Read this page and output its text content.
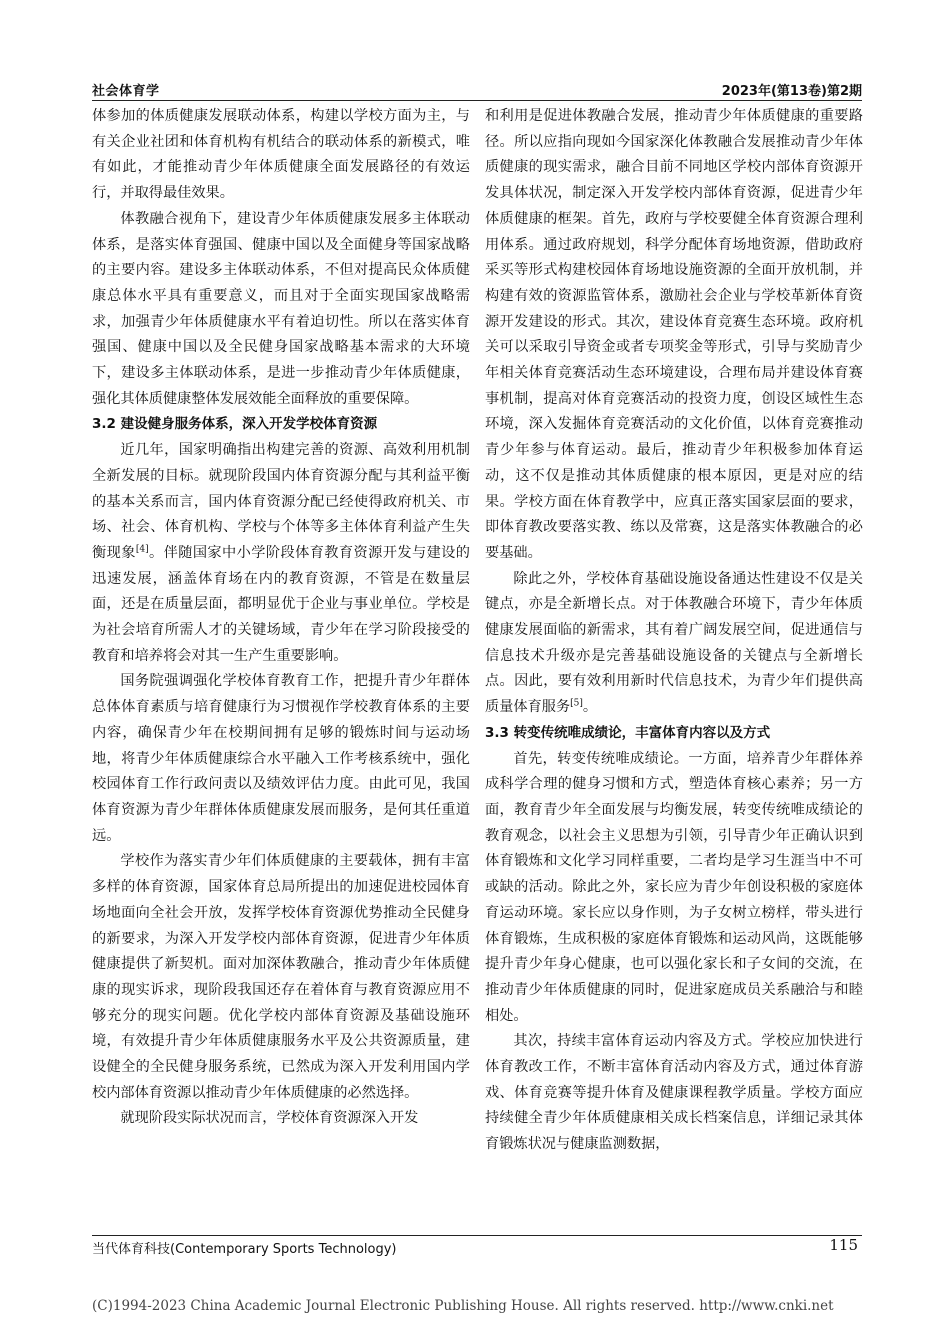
社会体育学	2023年(第13卷)第2期

体参加的体质健康发展联动体系，构建以学校方面为主，与有关企业社团和体育机构有机结合的联动体系的新模式，唯有如此，才能推动青少年体质健康全面发展路径的有效运行，并取得最佳效果。

体教融合视角下，建设青少年体质健康发展多主体联动体系，是落实体育强国、健康中国以及全面健身等国家战略的主要内容。建设多主体联动体系，不但对提高民众体质健康总体水平具有重要意义，而且对于全面实现国家战略需求，加强青少年体质健康水平有着迫切性。所以在落实体育强国、健康中国以及全民健身国家战略基本需求的大环境下，建设多主体联动体系，是进一步推动青少年体质健康，强化其体质健康整体发展效能全面释放的重要保障。

3.2 建设健身服务体系，深入开发学校体育资源

近几年，国家明确指出构建完善的资源、高效利用机制全新发展的目标。就现阶段国内体育资源分配与其利益平衡的基本关系而言，国内体育资源分配已经使得政府机关、市场、社会、体育机构、学校与个体等多主体体育利益产生失衡现象[4]。伴随国家中小学阶段体育教育资源开发与建设的迅速发展，涵盖体育场在内的教育资源，不管是在数量层面，还是在质量层面，都明显优于企业与事业单位。学校是为社会培育所需人才的关键场域，青少年在学习阶段接受的教育和培养将会对其一生产生重要影响。

国务院强调强化学校体育教育工作，把提升青少年群体总体体育素质与培育健康行为习惯视作学校教育体系的主要内容，确保青少年在校期间拥有足够的锻炼时间与运动场地，将青少年体质健康综合水平融入工作考核系统中，强化校园体育工作行政问责以及绩效评估力度。由此可见，我国体育资源为青少年群体体质健康发展而服务，是何其任重道远。

学校作为落实青少年们体质健康的主要载体，拥有丰富多样的体育资源，国家体育总局所提出的加速促进校园体育场地面向全社会开放，发挥学校体育资源优势推动全民健身的新要求，为深入开发学校内部体育资源，促进青少年体质健康提供了新契机。面对加深体教融合，推动青少年体质健康的现实诉求，现阶段我国还存在着体育与教育资源应用不够充分的现实问题。优化学校内部体育资源及基础设施环境，有效提升青少年体质健康服务水平及公共资源质量，建设健全的全民健身服务系统，已然成为深入开发利用国内学校内部体育资源以推动青少年体质健康的必然选择。

就现阶段实际状况而言，学校体育资源深入开发

和利用是促进体教融合发展，推动青少年体质健康的重要路径。所以应指向现如今国家深化体教融合发展推动青少年体质健康的现实需求，融合目前不同地区学校内部体育资源开发具体状况，制定深入开发学校内部体育资源，促进青少年体质健康的框架。首先，政府与学校要健全体育资源合理利用体系。通过政府规划，科学分配体育场地资源，借助政府采买等形式构建校园体育场地设施资源的全面开放机制，并构建有效的资源监管体系，激励社会企业与学校革新体育资源开发建设的形式。其次，建设体育竞赛生态环境。政府机关可以采取引导资金或者专项奖金等形式，引导与奖励青少年相关体育竞赛活动生态环境建设，合理布局并建设体育赛事机制，提高对体育竞赛活动的投资力度，创设区域性生态环境，深入发掘体育竞赛活动的文化价值，以体育竞赛推动青少年参与体育运动。最后，推动青少年积极参加体育运动，这不仅是推动其体质健康的根本原因，更是对应的结果。学校方面在体育教学中，应真正落实国家层面的要求，即体育教改要落实教、练以及常赛，这是落实体教融合的必要基础。

除此之外，学校体育基础设施设备通达性建设不仅是关键点，亦是全新增长点。对于体教融合环境下，青少年体质健康发展面临的新需求，其有着广阔发展空间，促进通信与信息技术升级亦是完善基础设施设备的关键点与全新增长点。因此，要有效利用新时代信息技术，为青少年们提供高质量体育服务[5]。

3.3 转变传统唯成绩论，丰富体育内容以及方式

首先，转变传统唯成绩论。一方面，培养青少年群体养成科学合理的健身习惯和方式，塑造体育核心素养；另一方面，教育青少年全面发展与均衡发展，转变传统唯成绩论的教育观念，以社会主义思想为引领，引导青少年正确认识到体育锻炼和文化学习同样重要，二者均是学习生涯当中不可或缺的活动。除此之外，家长应为青少年创设积极的家庭体育运动环境。家长应以身作则，为子女树立榜样，带头进行体育锻炼，生成积极的家庭体育锻炼和运动风尚，这既能够提升青少年身心健康，也可以强化家长和子女间的交流，在推动青少年体质健康的同时，促进家庭成员关系融洽与和睦相处。

其次，持续丰富体育运动内容及方式。学校应加快进行体育教改工作，不断丰富体育活动内容及方式，通过体育游戏、体育竞赛等提升体育及健康课程教学质量。学校方面应持续健全青少年体质健康相关成长档案信息，详细记录其体育锻炼状况与健康监测数据，

当代体育科技(Contemporary Sports Technology)	115
(C)1994-2023 China Academic Journal Electronic Publishing House. All rights reserved. http://www.cnki.net
